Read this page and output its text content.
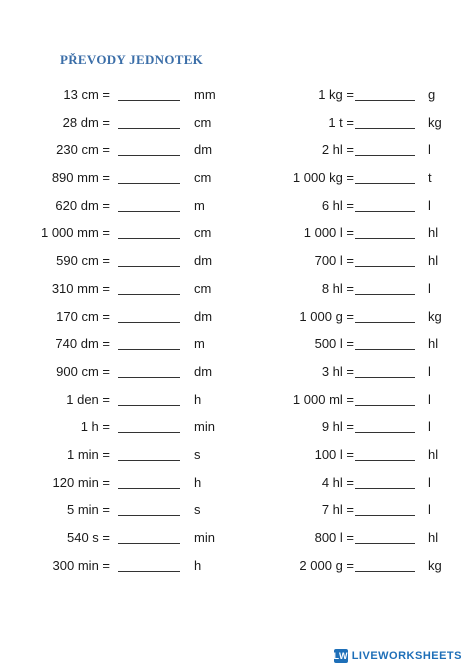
PŘEVODY JEDNOTEK
13 cm =	mm
28 dm =	cm
230 cm =	dm
890 mm =	cm
620 dm =	m
1 000 mm =	cm
590 cm =	dm
310 mm =	cm
170 cm =	dm
740 dm =	m
900 cm =	dm
1 den =	h
1 h =	min
1 min =	s
120 min =	h
5 min =	s
540 s =	min
300 min =	h
1 kg =	g
1 t =	kg
2 hl =	l
1 000 kg =	t
6 hl =	l
1 000 l =	hl
700 l =	hl
8 hl =	l
1 000 g =	kg
500 l =	hl
3 hl =	l
1 000 ml =	l
9 hl =	l
100 l =	hl
4 hl =	l
7 hl =	l
800 l =	hl
2 000 g =	kg
LW LIVE WORKSHEETS
